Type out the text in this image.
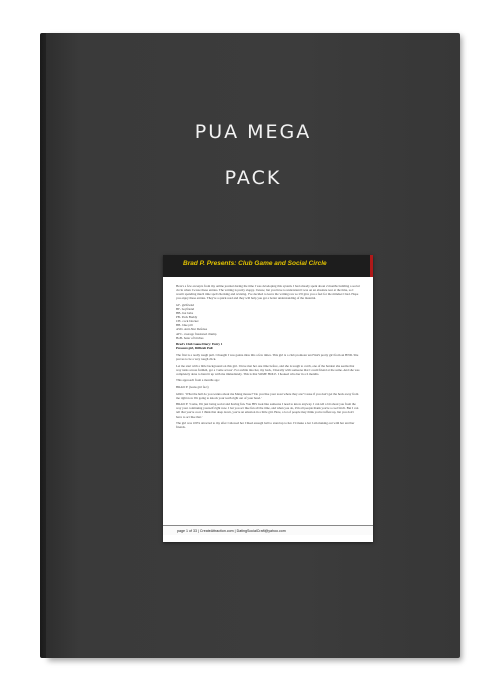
PUA MEGA
PACK
Brad P. Presents: Club Game and Social Circle

Here's a few excerpts from my online journal during the time I was developing this system. I had already spent about 2 months building a social circle when I wrote these entries. The writing is pretty sloppy. I know, but you have to understand I was on an absolute tear at the time, so I wasn't spending much time spell checking and revising. I've decided to leave the writing raw so it'll give you a feel for the mindset I had. Hope you enjoy these entries. They're a quick read and they will help you get a better understanding of the material.

GF- girlfriend

BF- boyfriend

HB- hot babe

PB- Pack Buddy

CH- cock blocker

BB- blue pill

ASD- Anti-Slut Defense

AFC- average frustrated chump

HoB- hater of bitches

Brad's Club Game Diary: Entry 1

Pressure girl, Difficult Pull

The first is a really tough pull. I thought I was gonna miss this a few times. This girl is a club promoter and WAS pretty girl from an HND. She proves to be a very tough click.

Let me start with a little background on this girl. I have met her one time before, and she is tough to catch, one of the hardest she seems that way turns across furtheh, got a 'come across'. For awhile into her, my back, I literally with someone that I could friend at the same. And she was completely done to hand it up with me immediately. This is that SOME HOLE. I hooked who her in a 6 months.

This approach from a months ago:

BRAD P: (leans girl fact)

GIRL: 'What the hell do you wanna about me Mang mouse?' Do you like your toast where they are? Cause if you don't get the heck away from me right now I'm going to knock your teeth right out of your head.'

BRAD P: 'Come, I'm just being social and having fun. You HIS look like someone I need to know anyway. I can tell a bit about you from the way your continuing yourself right now. I bet you act like fun all the time, and when you do, it'm all people thank you're a cool bitch. But I can tell that you're cool. I think that deep down, you're an emotion in a little girl. Here, a lot of people may think you're tuffest up, but you don't have to act like that.'

The girl was 100% attracted to my after I showed her I liked enough ball to stand up to her. I'd make a bet I am making out with her and her friends.

page 1 of 33 | CreateAttraction.com | DatingSocialCraft@yahoo.com
